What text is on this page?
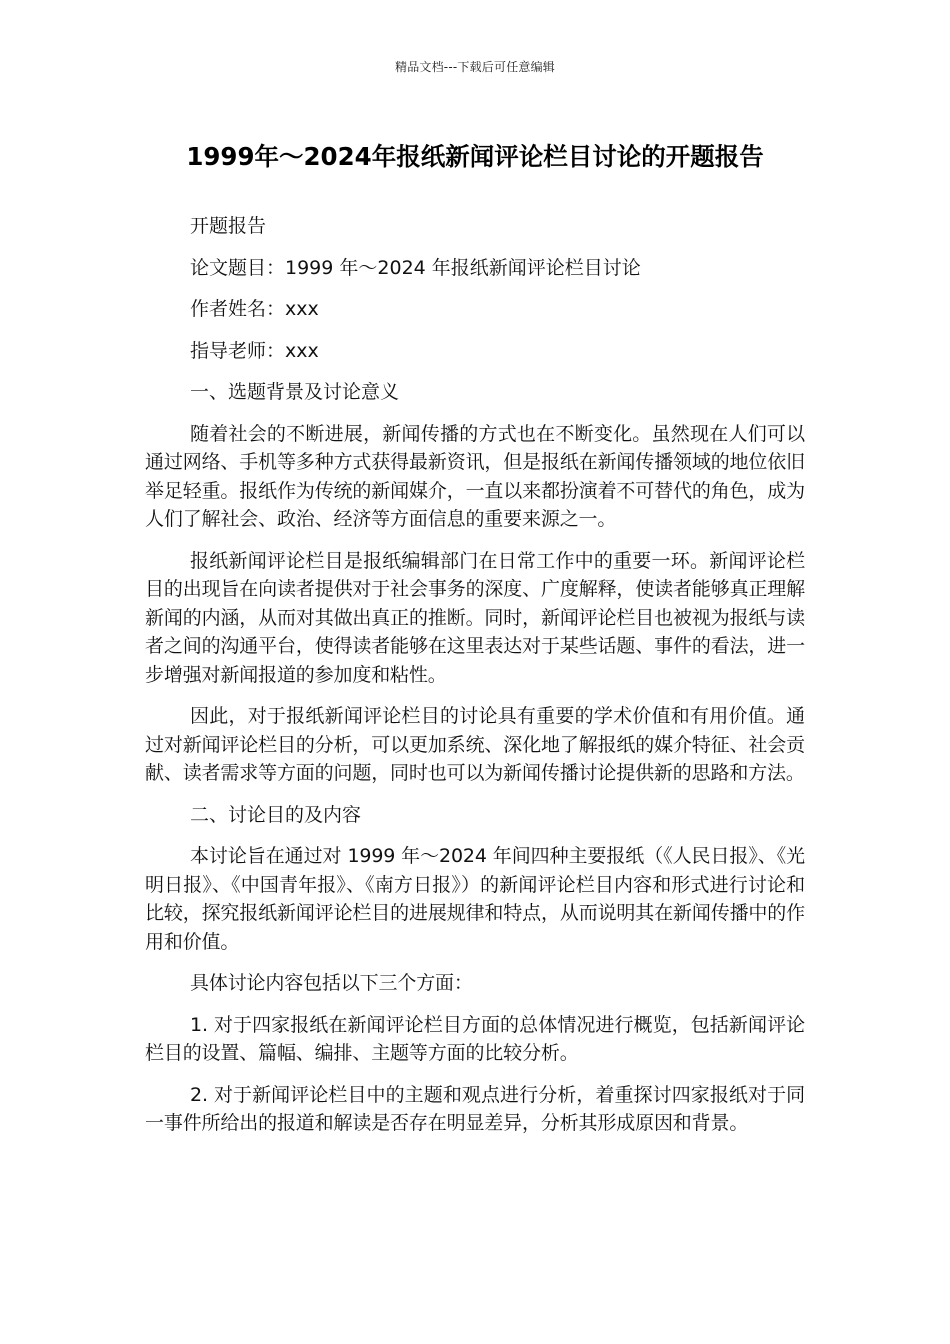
精品文档---下载后可任意编辑
1999年～2024年报纸新闻评论栏目讨论的开题报告

开题报告

论文题目：1999 年～2024 年报纸新闻评论栏目讨论

作者姓名：xxx

指导老师：xxx

一、选题背景及讨论意义

随着社会的不断进展，新闻传播的方式也在不断变化。虽然现在人们可以通过网络、手机等多种方式获得最新资讯，但是报纸在新闻传播领域的地位依旧举足轻重。报纸作为传统的新闻媒介，一直以来都扮演着不可替代的角色，成为人们了解社会、政治、经济等方面信息的重要来源之一。

报纸新闻评论栏目是报纸编辑部门在日常工作中的重要一环。新闻评论栏目的出现旨在向读者提供对于社会事务的深度、广度解释，使读者能够真正理解新闻的内涵，从而对其做出真正的推断。同时，新闻评论栏目也被视为报纸与读者之间的沟通平台，使得读者能够在这里表达对于某些话题、事件的看法，进一步增强对新闻报道的参加度和粘性。

因此，对于报纸新闻评论栏目的讨论具有重要的学术价值和有用价值。通过对新闻评论栏目的分析，可以更加系统、深化地了解报纸的媒介特征、社会贡献、读者需求等方面的问题，同时也可以为新闻传播讨论提供新的思路和方法。

二、讨论目的及内容

本讨论旨在通过对 1999 年～2024 年间四种主要报纸（《人民日报》、《光明日报》、《中国青年报》、《南方日报》）的新闻评论栏目内容和形式进行讨论和比较，探究报纸新闻评论栏目的进展规律和特点，从而说明其在新闻传播中的作用和价值。

具体讨论内容包括以下三个方面：

1. 对于四家报纸在新闻评论栏目方面的总体情况进行概览，包括新闻评论栏目的设置、篇幅、编排、主题等方面的比较分析。

2. 对于新闻评论栏目中的主题和观点进行分析，着重探讨四家报纸对于同一事件所给出的报道和解读是否存在明显差异，分析其形成原因和背景。
